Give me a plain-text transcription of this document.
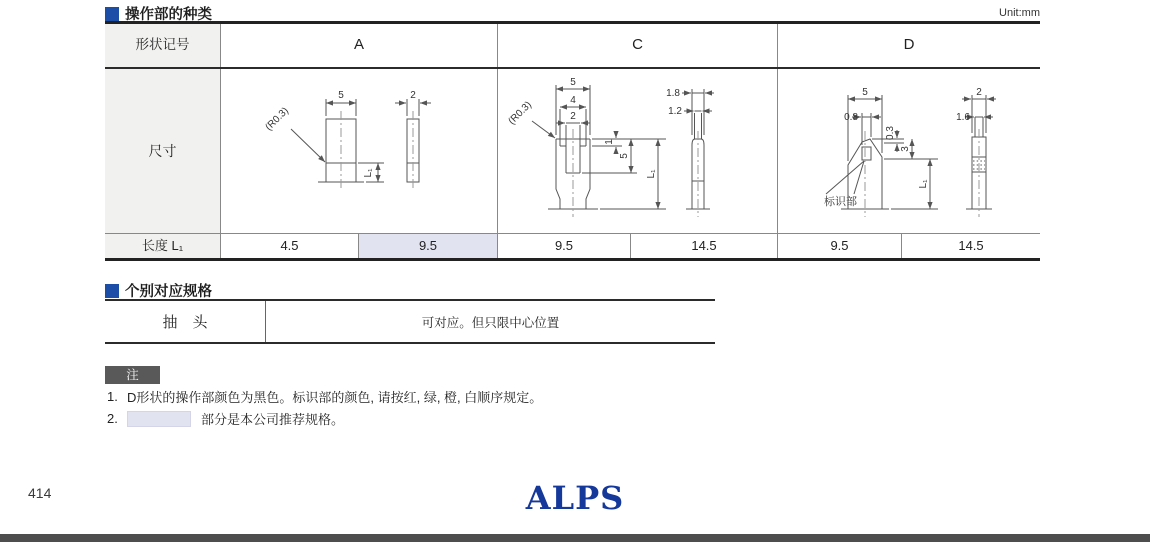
操作部的种类	Unit:mm
形状记号	A	C	D
尺寸
5	2
(R0.3)
L₁
5
4
2
(R0.3)
1
5
L₁
1.8
1.2
5
0.8
0.3
3
L₁
标识部
2
1.6
长度 L₁	4.5	9.5	9.5	14.5	9.5	14.5
个别对应规格
抽　头	可对应。但只限中心位置
注
1. D形状的操作部颜色为黑色。标识部的颜色, 请按红, 绿, 橙, 白顺序规定。
2.	部分是本公司推荐规格。
414	ALPS
